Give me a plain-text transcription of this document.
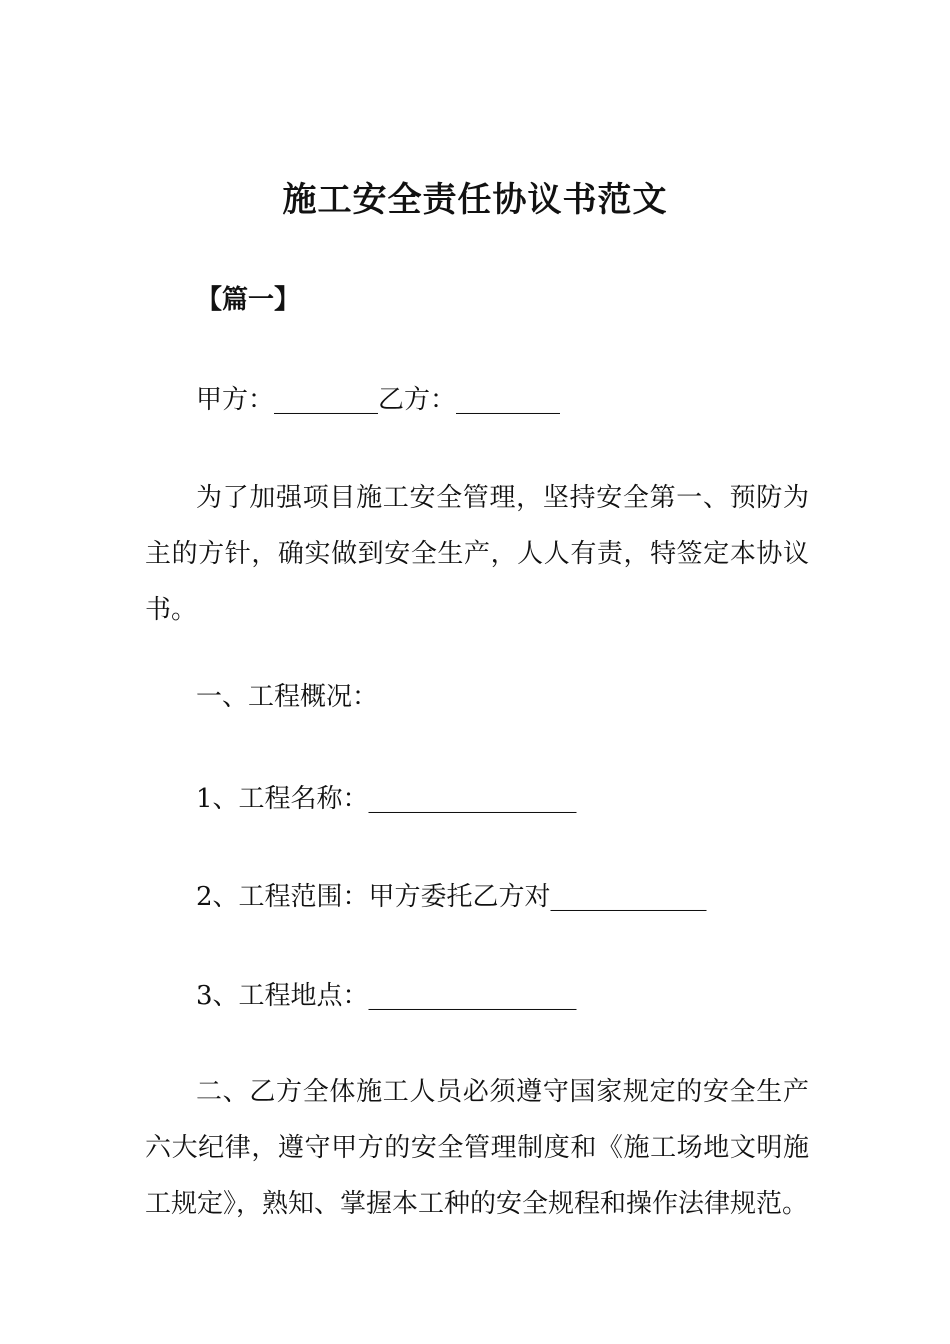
施工安全责任协议书范文
【篇一】
甲方：________乙方：________
为了加强项目施工安全管理，坚持安全第一、预防为主的方针，确实做到安全生产，人人有责，特签定本协议书。
一、工程概况：
1、工程名称：________________
2、工程范围：甲方委托乙方对____________
3、工程地点：________________
二、乙方全体施工人员必须遵守国家规定的安全生产六大纪律，遵守甲方的安全管理制度和《施工场地文明施工规定》，熟知、掌握本工种的安全规程和操作法律规范。
